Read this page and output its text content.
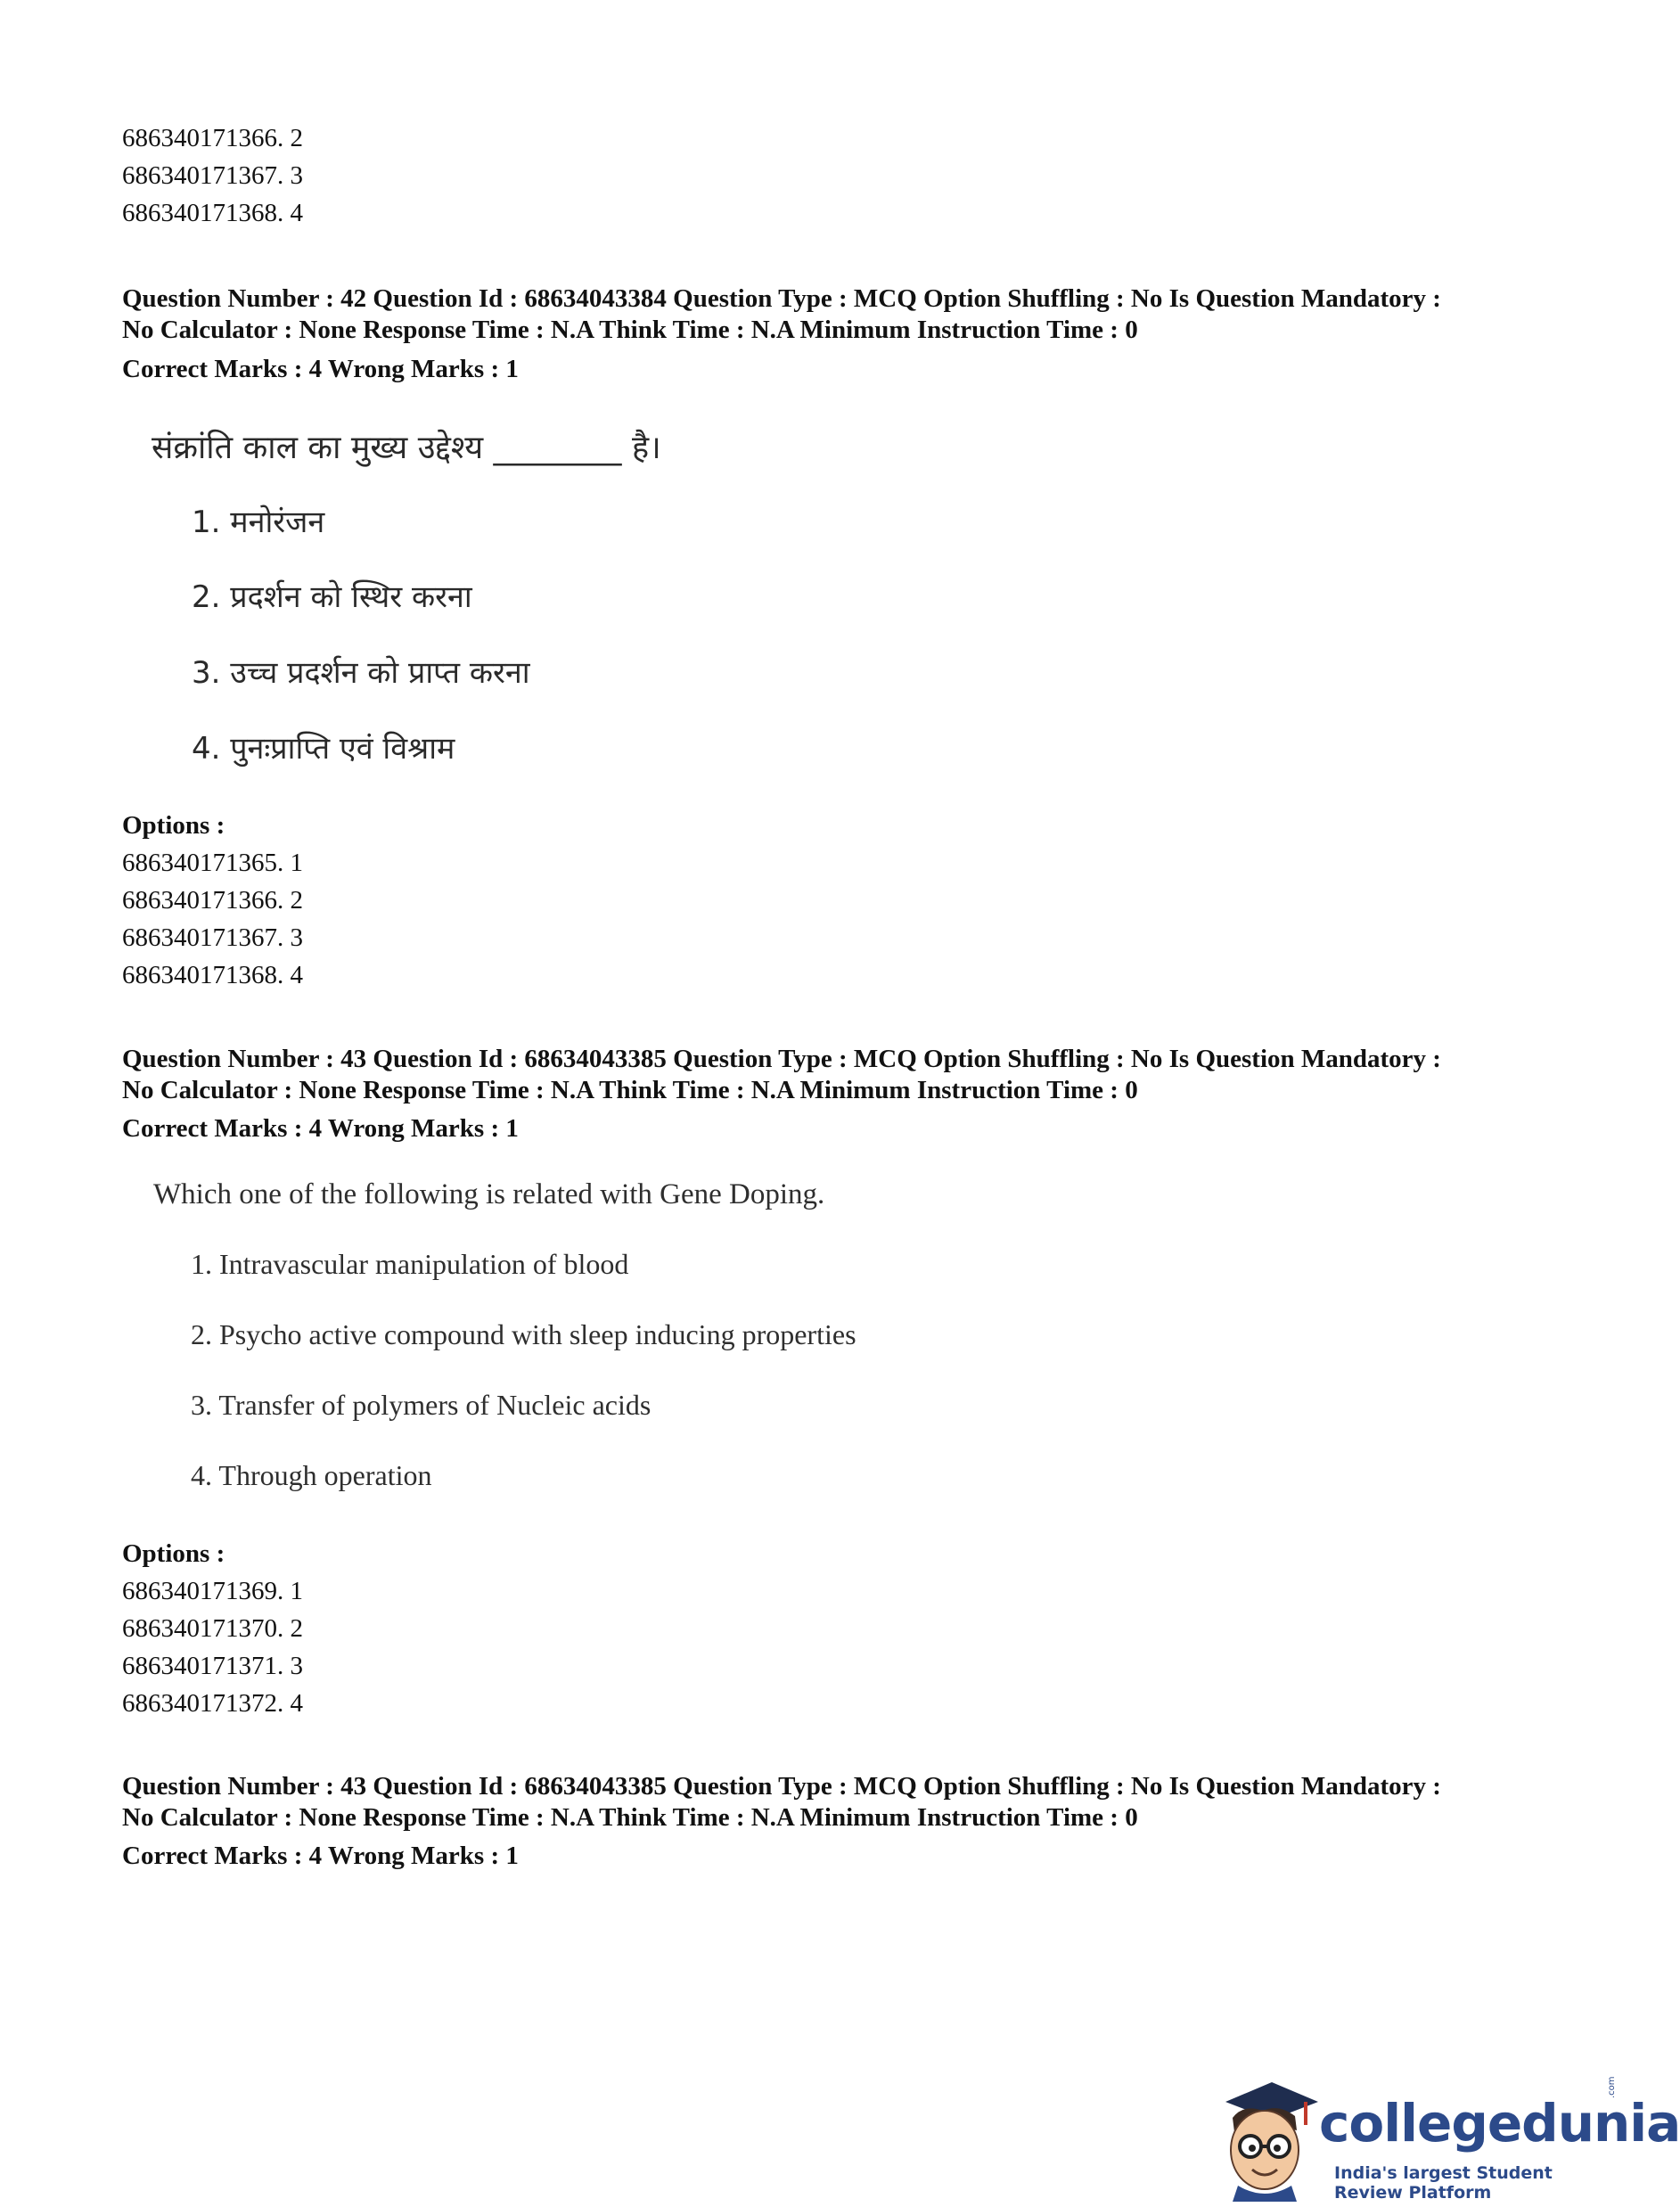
686340171366. 2
686340171367. 3
686340171368. 4
Question Number : 42 Question Id : 68634043384 Question Type : MCQ Option Shuffling : No Is Question Mandatory :
No Calculator : None Response Time : N.A Think Time : N.A Minimum Instruction Time : 0
Correct Marks : 4 Wrong Marks : 1
संक्रांति काल का मुख्य उद्देश्य ________ है।
1. मनोरंजन
2. प्रदर्शन को स्थिर करना
3. उच्च प्रदर्शन को प्राप्त करना
4. पुनःप्राप्ति एवं विश्राम
Options :
686340171365. 1
686340171366. 2
686340171367. 3
686340171368. 4
Question Number : 43 Question Id : 68634043385 Question Type : MCQ Option Shuffling : No Is Question Mandatory :
No Calculator : None Response Time : N.A Think Time : N.A Minimum Instruction Time : 0
Correct Marks : 4 Wrong Marks : 1
Which one of the following is related with Gene Doping.
1. Intravascular manipulation of blood
2. Psycho active compound with sleep inducing properties
3. Transfer of polymers of Nucleic acids
4. Through operation
Options :
686340171369. 1
686340171370. 2
686340171371. 3
686340171372. 4
Question Number : 43 Question Id : 68634043385 Question Type : MCQ Option Shuffling : No Is Question Mandatory :
No Calculator : None Response Time : N.A Think Time : N.A Minimum Instruction Time : 0
Correct Marks : 4 Wrong Marks : 1
collegedunia
.com
India's largest Student Review Platform
